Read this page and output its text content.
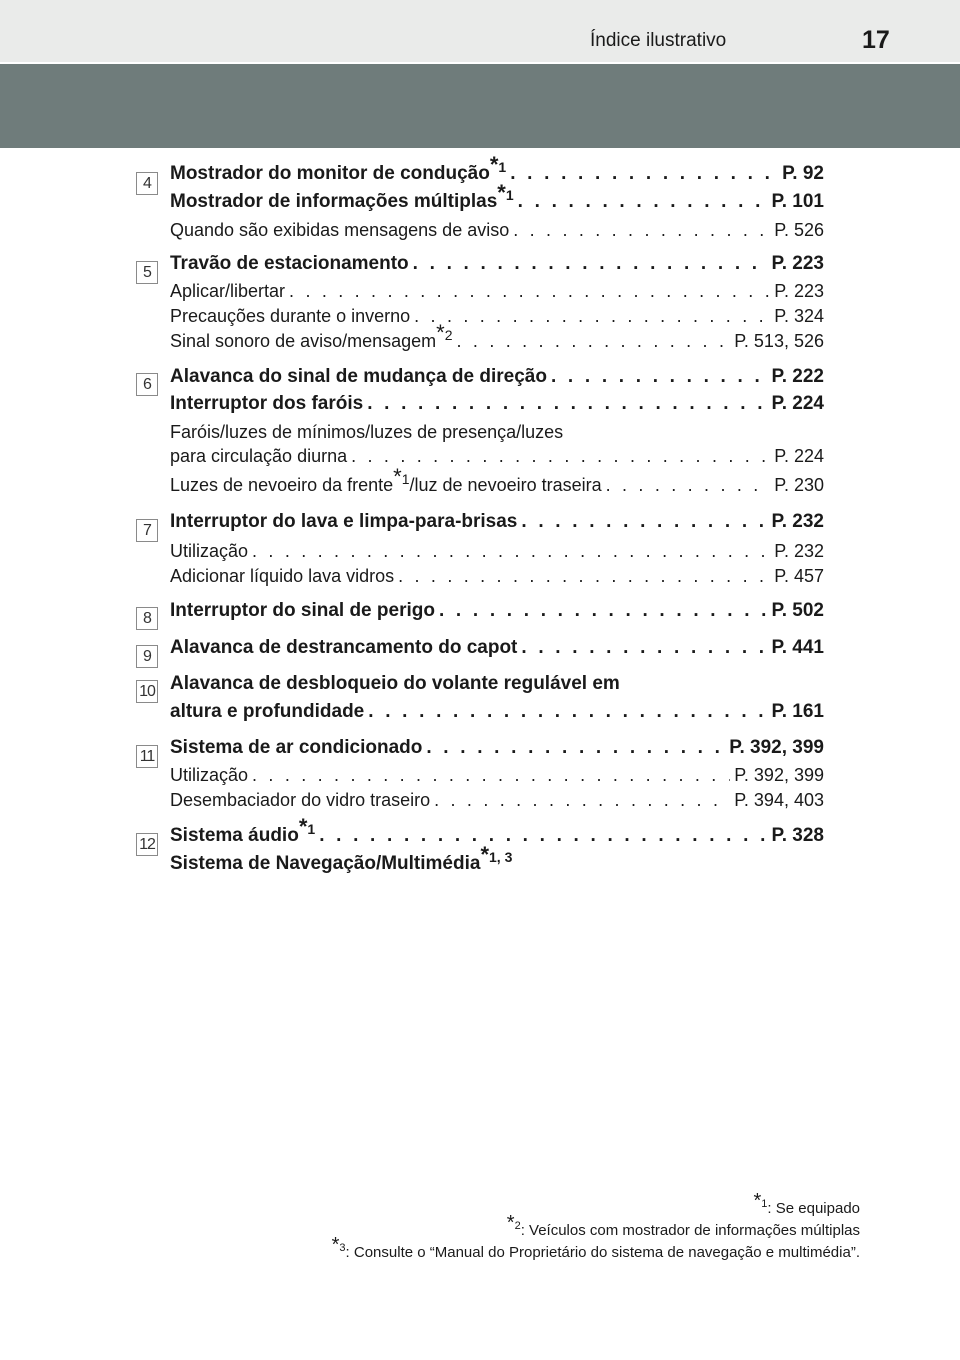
Índice ilustrativo	17
4	Mostrador do monitor de condução$^{*1}$ . . .	P. 92
Mostrador de informações múltiplas$^{*1}$ . . .	P. 101
Quando são exibidas mensagens de aviso . . .	P. 526
5	Travão de estacionamento . . .	P. 223
Aplicar/libertar . . .	P. 223
Precauções durante o inverno . . .	P. 324
Sinal sonoro de aviso/mensagem$^{*2}$ . . .	P. 513, 526
6	Alavanca do sinal de mudança de direção . . .	P. 222
Interruptor dos faróis . . .	P. 224
Faróis/luzes de mínimos/luzes de presença/luzes
para circulação diurna . . .	P. 224
Luzes de nevoeiro da frente$^{*1}$/luz de nevoeiro traseira . . .	P. 230
7	Interruptor do lava e limpa-para-brisas . . .	P. 232
Utilização . . .	P. 232
Adicionar líquido lava vidros . . .	P. 457
8	Interruptor do sinal de perigo . . .	P. 502
9	Alavanca de destrancamento do capot . . .	P. 441
10 Alavanca de desbloqueio do volante regulável em
altura e profundidade . . .	P. 161
11 Sistema de ar condicionado . . .	P. 392, 399
Utilização . . .	P. 392, 399
Desembaciador do vidro traseiro . . .	P. 394, 403
12 Sistema áudio$^{*1}$ . . .	P. 328
Sistema de Navegação/Multimédia$^{*1, 3}$
$^{*1}$: Se equipado
$^{*2}$: Veículos com mostrador de informações múltiplas
$^{*3}$: Consulte o “Manual do Proprietário do sistema de navegação e multimédia”.
